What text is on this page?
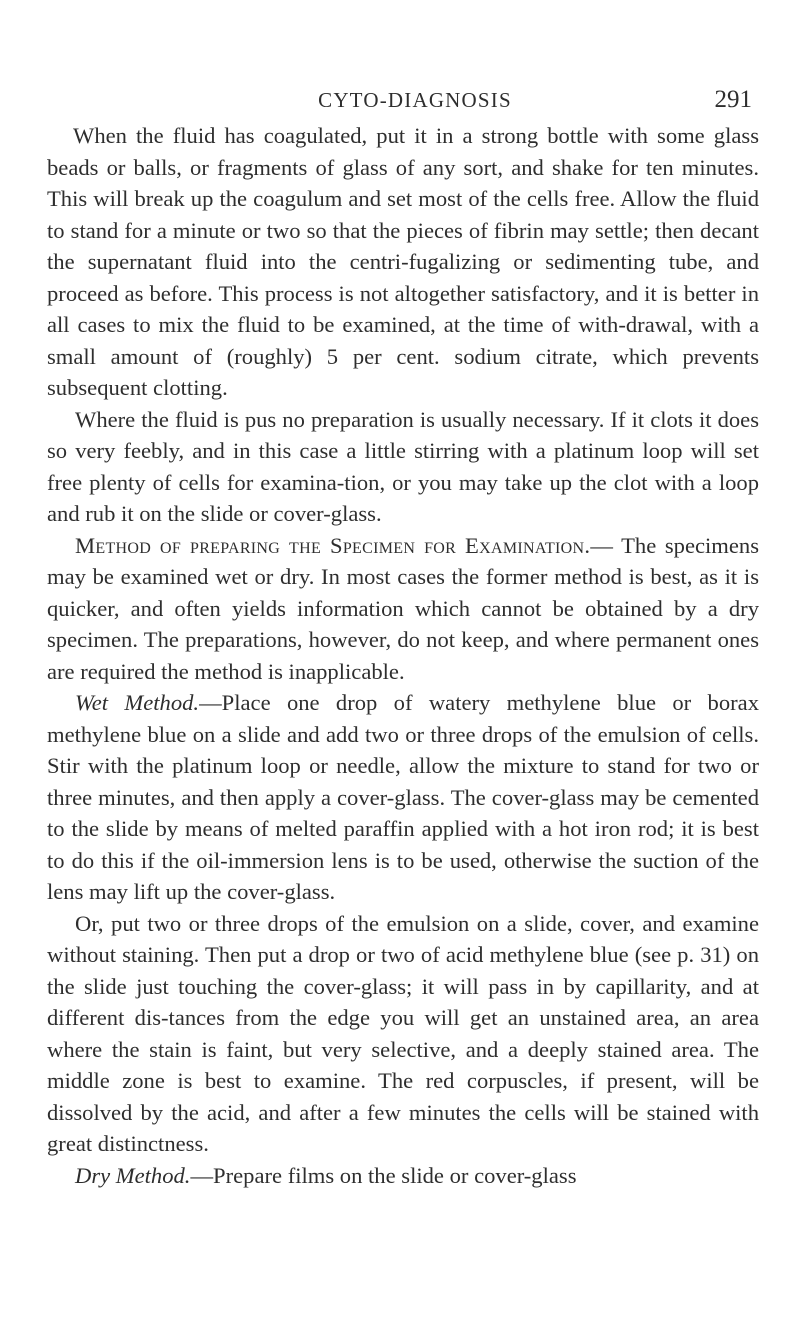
CYTO-DIAGNOSIS	291

When the fluid has coagulated, put it in a strong bottle with some glass beads or balls, or fragments of glass of any sort, and shake for ten minutes. This will break up the coagulum and set most of the cells free. Allow the fluid to stand for a minute or two so that the pieces of fibrin may settle; then decant the supernatant fluid into the centri-fugalizing or sedimenting tube, and proceed as before. This process is not altogether satisfactory, and it is better in all cases to mix the fluid to be examined, at the time of with-drawal, with a small amount of (roughly) 5 per cent. sodium citrate, which prevents subsequent clotting.

Where the fluid is pus no preparation is usually necessary. If it clots it does so very feebly, and in this case a little stirring with a platinum loop will set free plenty of cells for examina-tion, or you may take up the clot with a loop and rub it on the slide or cover-glass.

Method of preparing the Specimen for Examination.— The specimens may be examined wet or dry. In most cases the former method is best, as it is quicker, and often yields information which cannot be obtained by a dry specimen. The preparations, however, do not keep, and where permanent ones are required the method is inapplicable.

Wet Method.—Place one drop of watery methylene blue or borax methylene blue on a slide and add two or three drops of the emulsion of cells. Stir with the platinum loop or needle, allow the mixture to stand for two or three minutes, and then apply a cover-glass. The cover-glass may be cemented to the slide by means of melted paraffin applied with a hot iron rod; it is best to do this if the oil-immersion lens is to be used, otherwise the suction of the lens may lift up the cover-glass.

Or, put two or three drops of the emulsion on a slide, cover, and examine without staining. Then put a drop or two of acid methylene blue (see p. 31) on the slide just touching the cover-glass; it will pass in by capillarity, and at different dis-tances from the edge you will get an unstained area, an area where the stain is faint, but very selective, and a deeply stained area. The middle zone is best to examine. The red corpuscles, if present, will be dissolved by the acid, and after a few minutes the cells will be stained with great distinctness.

Dry Method.—Prepare films on the slide or cover-glass
